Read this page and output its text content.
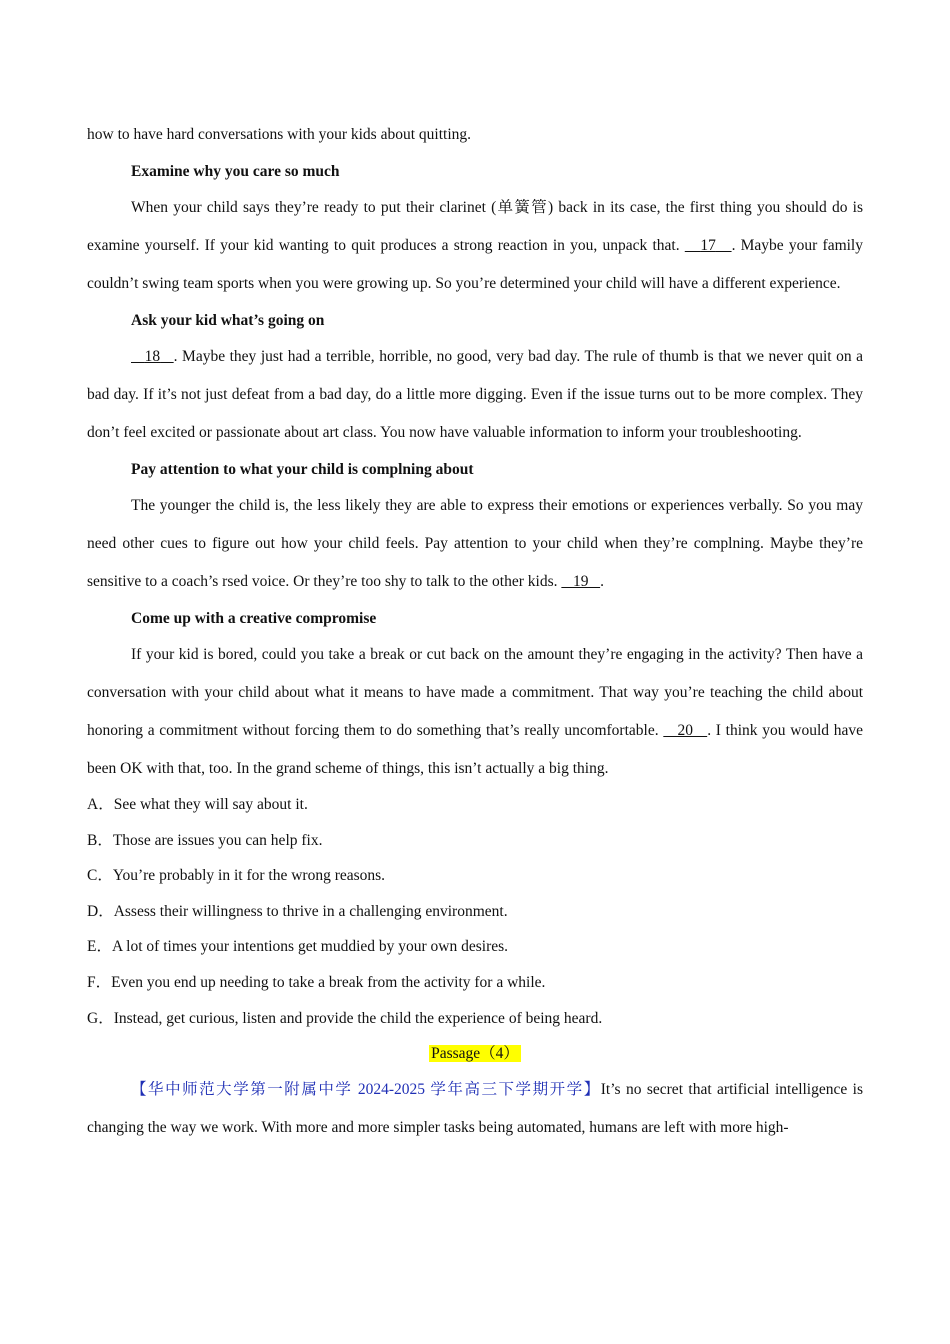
how to have hard conversations with your kids about quitting.

Examine why you care so much

When your child says they’re ready to put their clarinet (单簧管) back in its case, the first thing you should do is examine yourself. If your kid wanting to quit produces a strong reaction in you, unpack that.    17 . Maybe your family couldn’t swing team sports when you were growing up. So you’re determined your child will have a different experience.

Ask your kid what’s going on

18 . Maybe they just had a terrible, horrible, no good, very bad day. The rule of thumb is that we never quit on a bad day. If it’s not just defeat from a bad day, do a little more digging. Even if the issue turns out to be more complex. They don’t feel excited or passionate about art class. You now have valuable information to inform your troubleshooting.

Pay attention to what your child is complning about

The younger the child is, the less likely they are able to express their emotions or experiences verbally. So you may need other cues to figure out how your child feels. Pay attention to your child when they’re complning. Maybe they’re sensitive to a coach’s rsed voice. Or they’re too shy to talk to the other kids.    19 .

Come up with a creative compromise

If your kid is bored, could you take a break or cut back on the amount they’re engaging in the activity? Then have a conversation with your child about what it means to have made a commitment. That way you’re teaching the child about honoring a commitment without forcing them to do something that’s really uncomfortable.    20 . I think you would have been OK with that, too. In the grand scheme of things, this isn’t actually a big thing.

A．See what they will say about it.
B．Those are issues you can help fix.
C．You’re probably in it for the wrong reasons.
D．Assess their willingness to thrive in a challenging environment.
E．A lot of times your intentions get muddied by your own desires.
F．Even you end up needing to take a break from the activity for a while.
G．Instead, get curious, listen and provide the child the experience of being heard.
Passage（4）

【华中师范大学第一附属中学 2024-2025 学年高三下学期开学】It’s no secret that artificial intelligence is changing the way we work. With more and more simpler tasks being automated, humans are left with more high-
